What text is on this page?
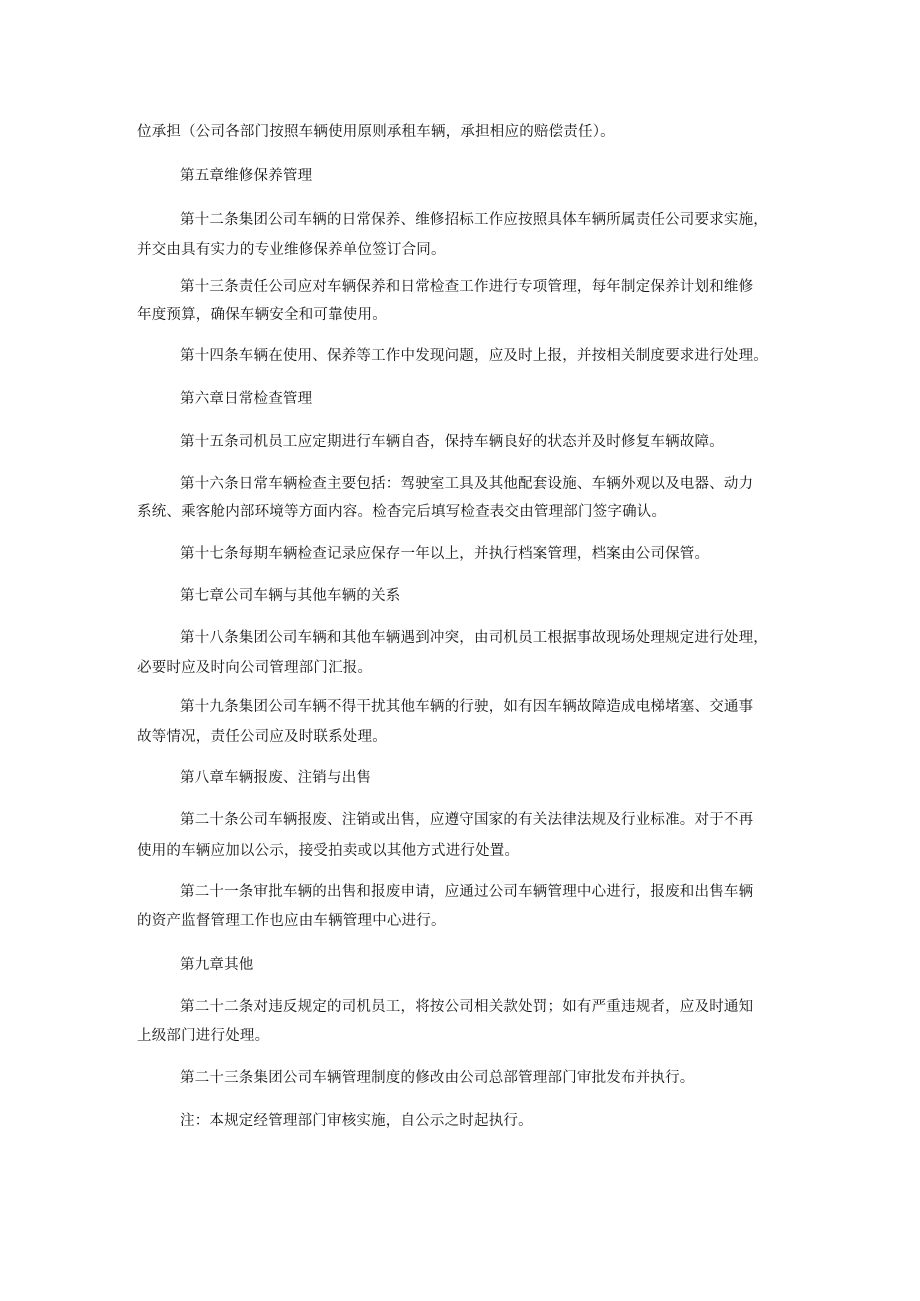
位承担（公司各部门按照车辆使用原则承租车辆，承担相应的赔偿责任）。
第五章维修保养管理
第十二条集团公司车辆的日常保养、维修招标工作应按照具体车辆所属责任公司要求实施，
并交由具有实力的专业维修保养单位签订合同。
第十三条责任公司应对车辆保养和日常检查工作进行专项管理，每年制定保养计划和维修
年度预算，确保车辆安全和可靠使用。
第十四条车辆在使用、保养等工作中发现问题，应及时上报，并按相关制度要求进行处理。
第六章日常检查管理
第十五条司机员工应定期进行车辆自杳，保持车辆良好的状态并及时修复车辆故障。
第十六条日常车辆检查主要包括：驾驶室工具及其他配套设施、车辆外观以及电器、动力
系统、乘客舱内部环境等方面内容。检杳完后填写检查表交由管理部门签字确认。
第十七条每期车辆检查记录应保存一年以上，并执行档案管理，档案由公司保管。
第七章公司车辆与其他车辆的关系
第十八条集团公司车辆和其他车辆遇到冲突，由司机员工根据事故现场处理规定进行处理，
必要时应及时向公司管理部门汇报。
第十九条集团公司车辆不得干扰其他车辆的行驶，如有因车辆故障造成电梯堵塞、交通事
故等情况，责任公司应及时联系处理。
第八章车辆报废、注销与出售
第二十条公司车辆报废、注销或出售，应遵守国家的有关法律法规及行业标准。对于不再
使用的车辆应加以公示，接受拍卖或以其他方式进行处置。
第二十一条审批车辆的出售和报废申请，应通过公司车辆管理中心进行，报废和出售车辆
的资产监督管理工作也应由车辆管理中心进行。
第九章其他
第二十二条对违反规定的司机员工，将按公司相关款处罚；如有严重违规者，应及时通知
上级部门进行处理。
第二十三条集团公司车辆管理制度的修改由公司总部管理部门审批发布并执行。
注：本规定经管理部门审核实施，自公示之时起执行。
